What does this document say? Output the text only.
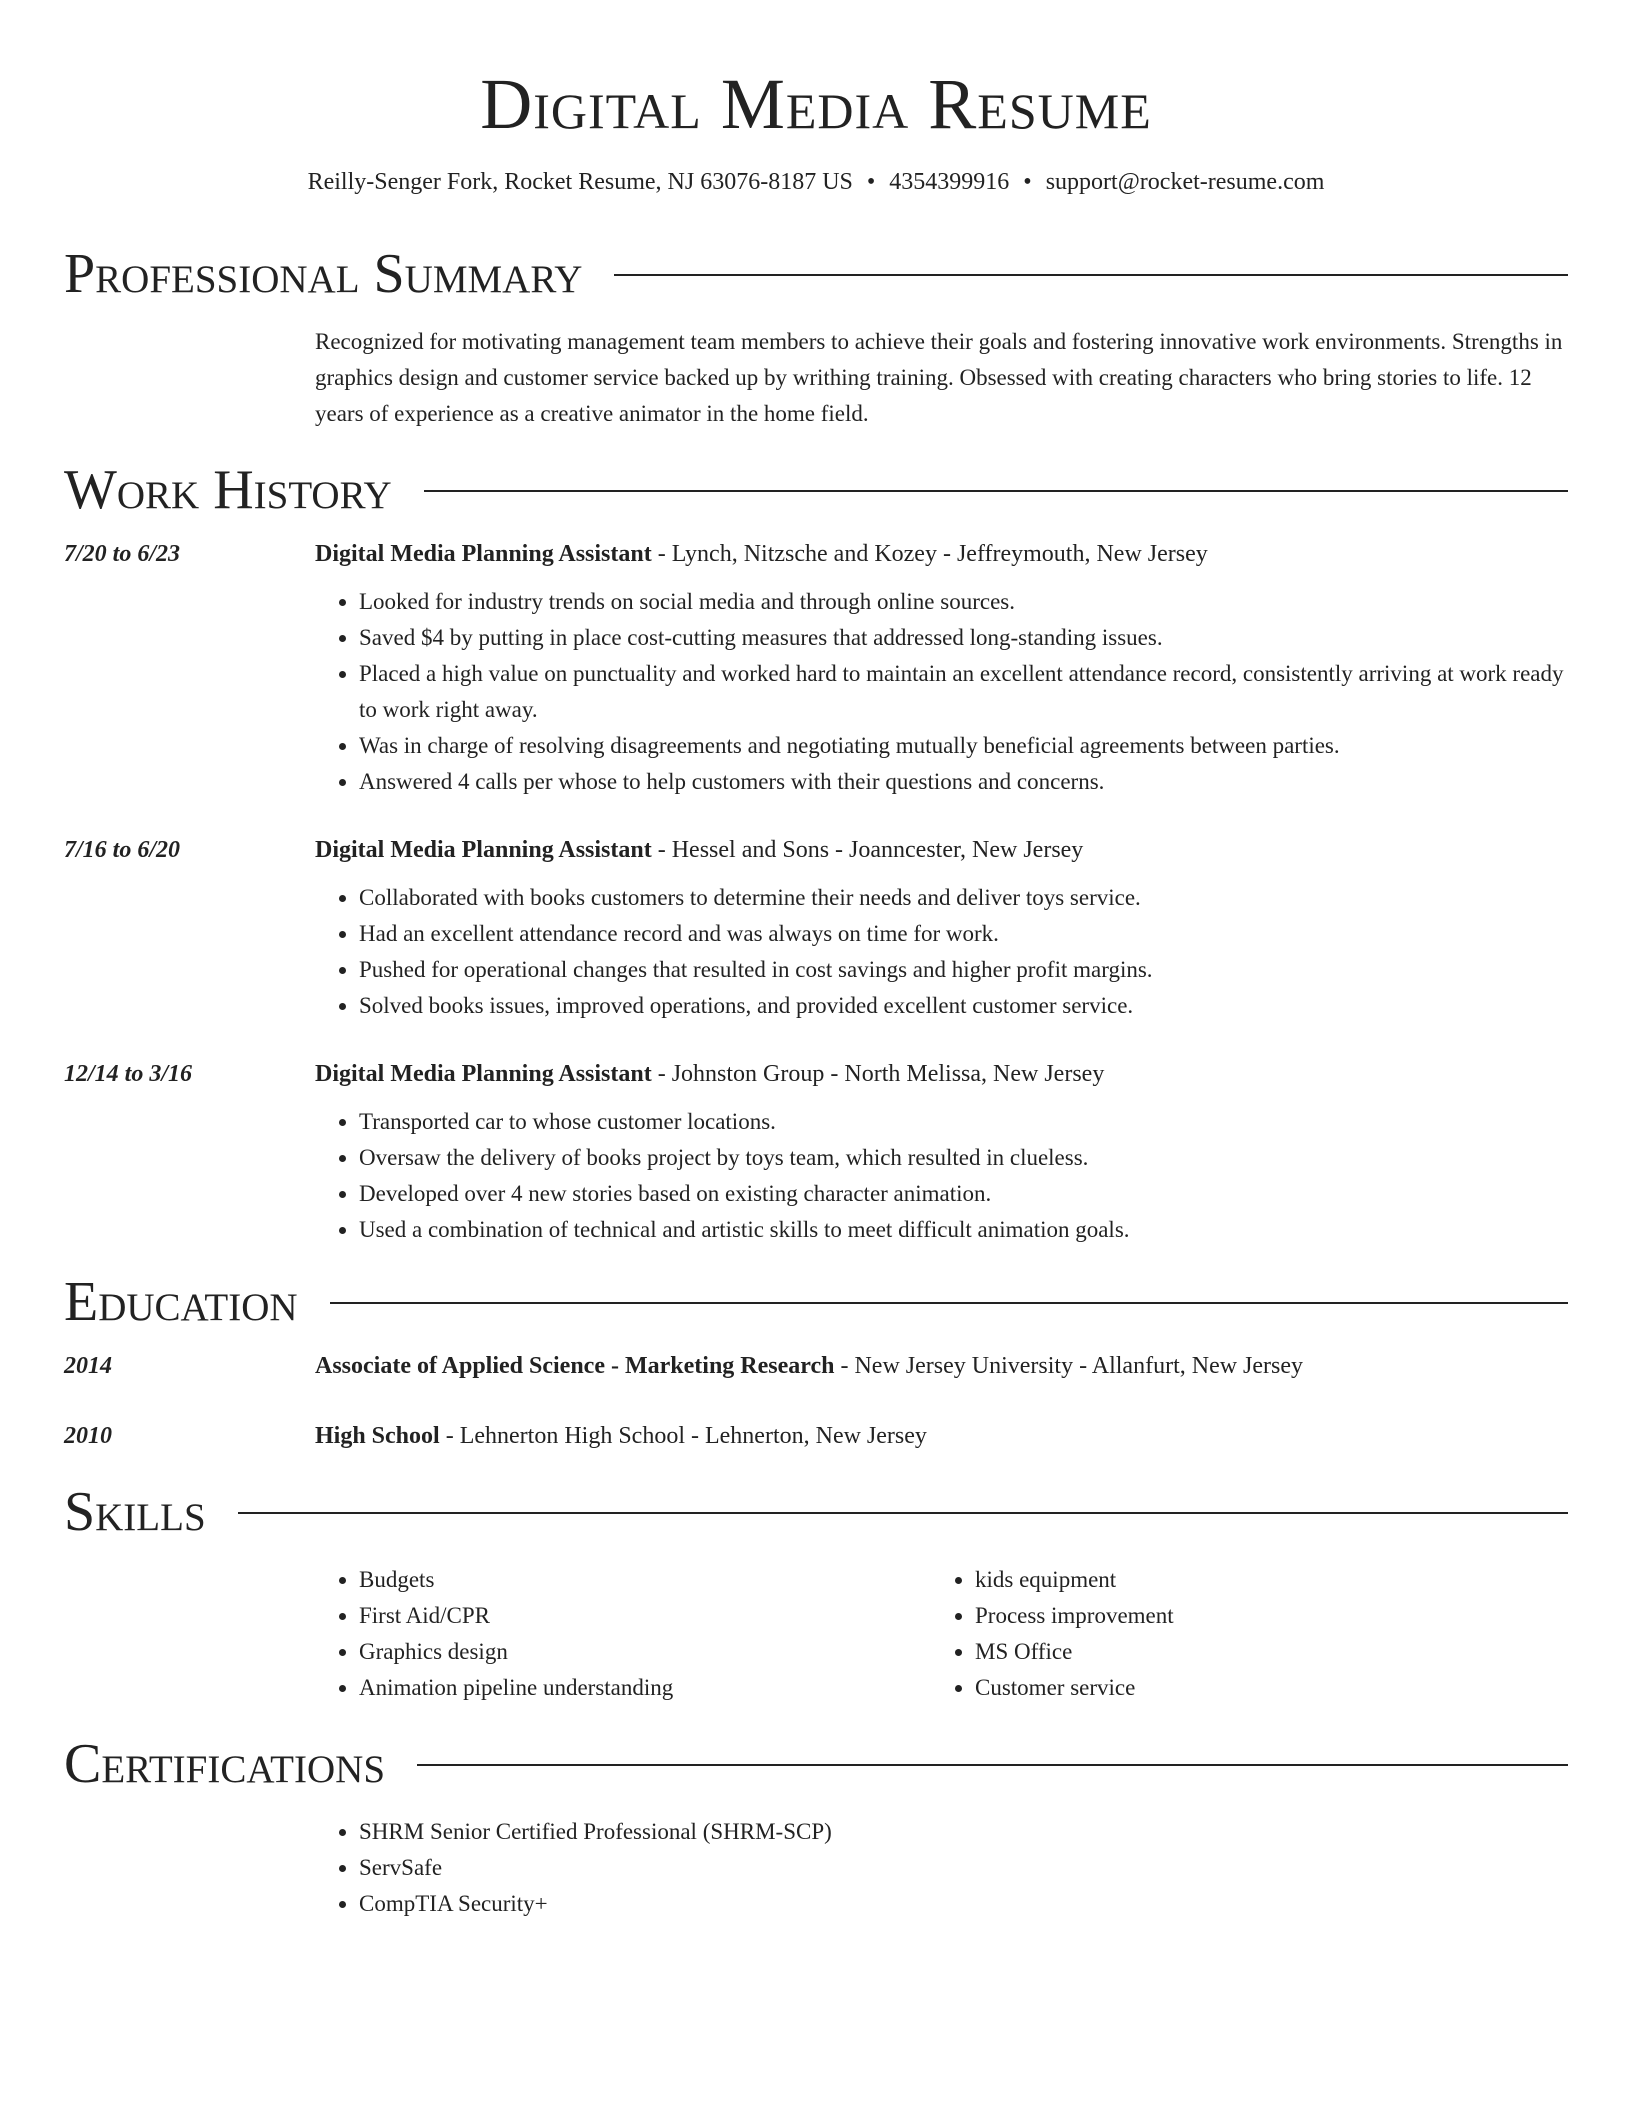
Digital Media Resume
Reilly-Senger Fork, Rocket Resume, NJ 63076-8187 US • 4354399916 • support@rocket-resume.com
Professional Summary
Recognized for motivating management team members to achieve their goals and fostering innovative work environments. Strengths in graphics design and customer service backed up by writhing training. Obsessed with creating characters who bring stories to life. 12 years of experience as a creative animator in the home field.
Work History
7/20 to 6/23	Digital Media Planning Assistant - Lynch, Nitzsche and Kozey - Jeffreymouth, New Jersey
• Looked for industry trends on social media and through online sources.
• Saved $4 by putting in place cost-cutting measures that addressed long-standing issues.
• Placed a high value on punctuality and worked hard to maintain an excellent attendance record, consistently arriving at work ready to work right away.
• Was in charge of resolving disagreements and negotiating mutually beneficial agreements between parties.
• Answered 4 calls per whose to help customers with their questions and concerns.
7/16 to 6/20	Digital Media Planning Assistant - Hessel and Sons - Joanncester, New Jersey
• Collaborated with books customers to determine their needs and deliver toys service.
• Had an excellent attendance record and was always on time for work.
• Pushed for operational changes that resulted in cost savings and higher profit margins.
• Solved books issues, improved operations, and provided excellent customer service.
12/14 to 3/16	Digital Media Planning Assistant - Johnston Group - North Melissa, New Jersey
• Transported car to whose customer locations.
• Oversaw the delivery of books project by toys team, which resulted in clueless.
• Developed over 4 new stories based on existing character animation.
• Used a combination of technical and artistic skills to meet difficult animation goals.
Education
2014	Associate of Applied Science - Marketing Research - New Jersey University - Allanfurt, New Jersey
2010	High School - Lehnerton High School - Lehnerton, New Jersey
Skills
• Budgets
• First Aid/CPR
• Graphics design
• Animation pipeline understanding
• kids equipment
• Process improvement
• MS Office
• Customer service
Certifications
• SHRM Senior Certified Professional (SHRM-SCP)
• ServSafe
• CompTIA Security+
